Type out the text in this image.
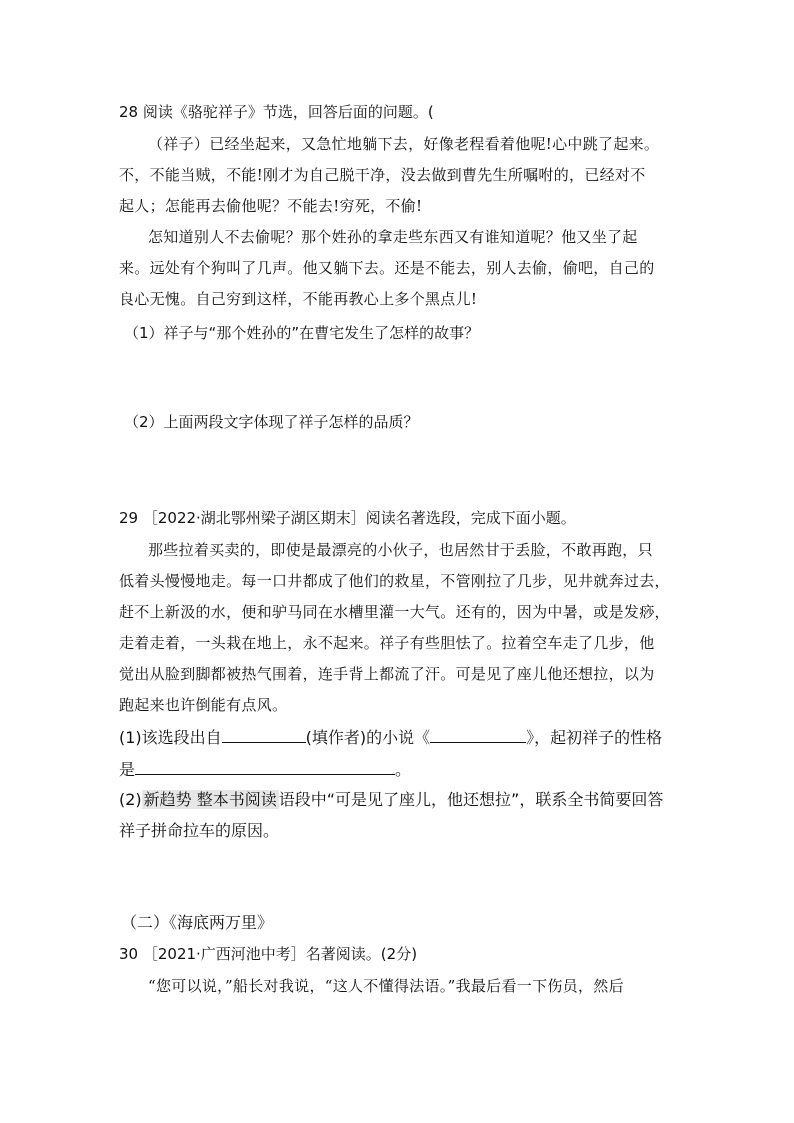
28 阅读《骆驼祥子》节选，回答后面的问题。(
（祥子）已经坐起来，又急忙地躺下去，好像老程看着他呢!心中跳了起来。
不，不能当贼，不能!刚才为自己脱干净，没去做到曹先生所嘱咐的，已经对不
起人；怎能再去偷他呢？不能去!穷死，不偷!
怎知道别人不去偷呢？那个姓孙的拿走些东西又有谁知道呢？他又坐了起
来。远处有个狗叫了几声。他又躺下去。还是不能去，别人去偷，偷吧，自己的
良心无愧。自己穷到这样，不能再教心上多个黑点儿!
（1）祥子与“那个姓孙的”在曹宅发生了怎样的故事？
（2）上面两段文字体现了祥子怎样的品质？
29 ［2022·湖北鄂州梁子湖区期末］阅读名著选段，完成下面小题。
那些拉着买卖的，即使是最漂亮的小伙子，也居然甘于丢脸，不敢再跑，只
低着头慢慢地走。每一口井都成了他们的救星，不管刚拉了几步，见井就奔过去，
赶不上新汲的水，便和驴马同在水槽里灌一大气。还有的，因为中暑，或是发痧，
走着走着，一头栽在地上，永不起来。祥子有些胆怯了。拉着空车走了几步，他
觉出从脸到脚都被热气围着，连手背上都流了汗。可是见了座儿他还想拉，以为
跑起来也许倒能有点风。
(1)该选段出自	(填作者)的小说《	》，起初祥子的性格
是	。
(2) 新趋势 整本书阅读 语段中“可是见了座儿，他还想拉”，联系全书简要回答
祥子拼命拉车的原因。
（二）《海底两万里》
30 ［2021·广西河池中考］名著阅读。(2分)
“您可以说，”船长对我说，“这人不懂得法语。”我最后看一下伤员，然后
